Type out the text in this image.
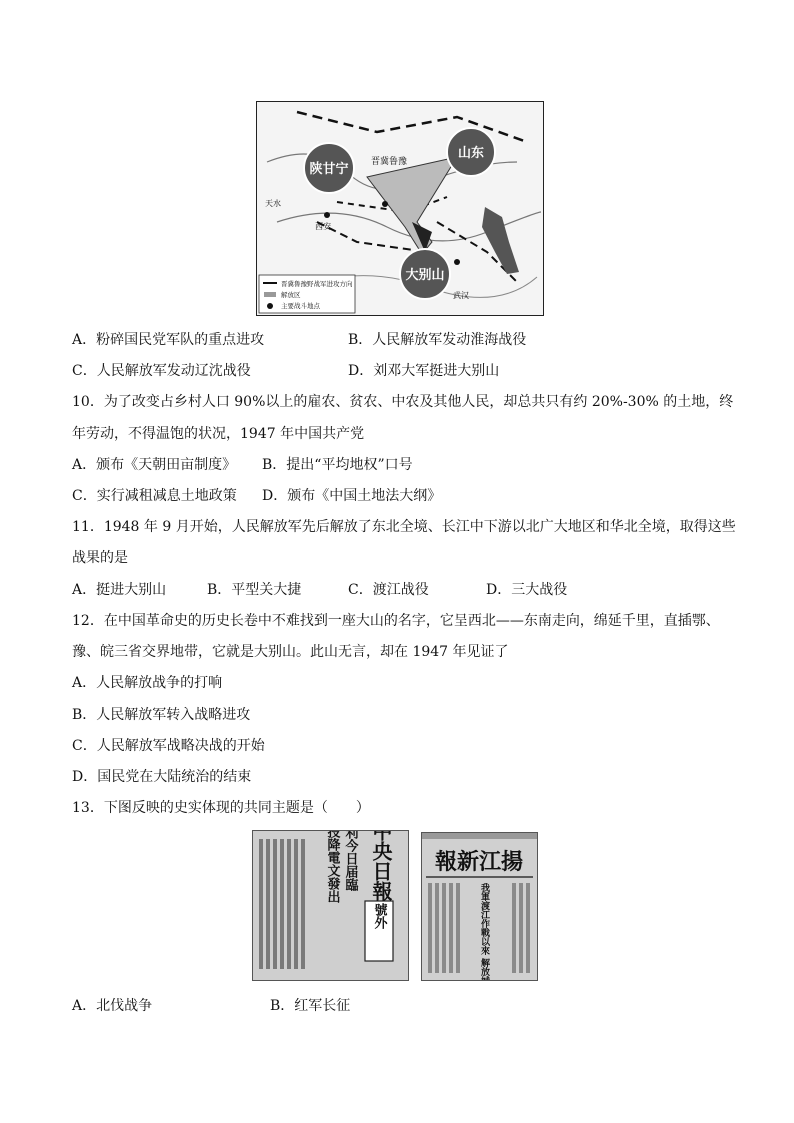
陕甘宁
山东
大别山
晋冀鲁豫
西安
天水
武汉
晋冀鲁豫野战军进攻方向
解放区
主要战斗地点
A．粉碎国民党军队的重点进攻	B．人民解放军发动淮海战役
C．人民解放军发动辽沈战役	D．刘邓大军挺进大别山
10．为了改变占乡村人口 90%以上的雇农、贫农、中农及其他人民，却总共只有约 20%-30% 的土地，终
年劳动，不得温饱的状况，1947 年中国共产党
A．颁布《天朝田亩制度》 B．提出“平均地权”口号
C．实行减租减息土地政策 D．颁布《中国土地法大纲》
11．1948 年 9 月开始，人民解放军先后解放了东北全境、长江中下游以北广大地区和华北全境，取得这些
战果的是
A．挺进大别山	B．平型关大捷	C．渡江战役	D．三大战役
12．在中国革命史的历史长卷中不难找到一座大山的名字，它呈西北——东南走向，绵延千里，直插鄂、
豫、皖三省交界地带，它就是大别山。此山无言，却在 1947 年见证了
A．人民解放战争的打响
B．人民解放军转入战略进攻
C．人民解放军战略决战的开始
D．国民党在大陆统治的结束
13．下图反映的史实体现的共同主题是（　　）
中央日報
號外
最後勝利今日届臨
日本投降電文發出	報新江揚
我軍渡江作戰以來 解放城市一百二十座
A．北伐战争	B．红军长征
